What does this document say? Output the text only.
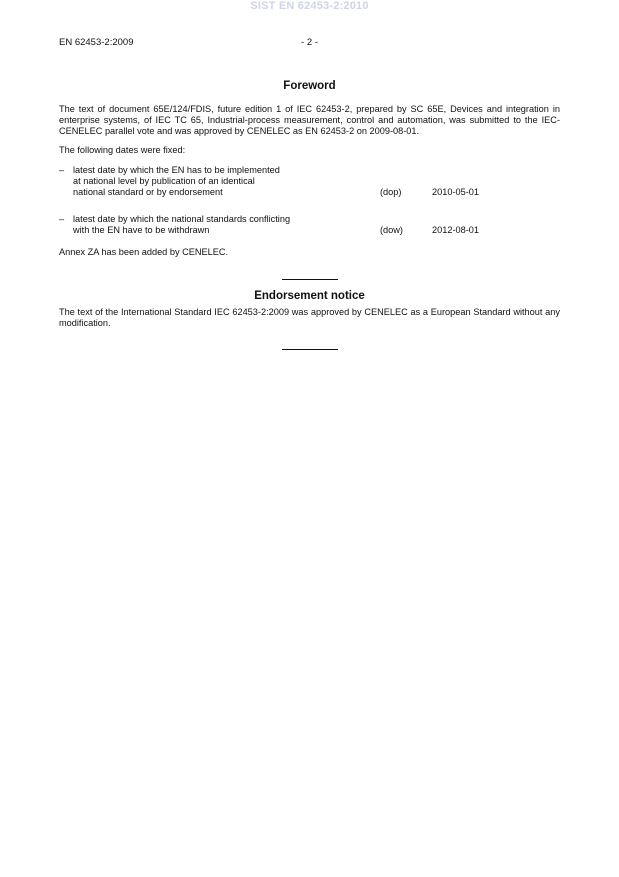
SIST EN 62453-2:2010
EN 62453-2:2009	- 2 -
Foreword

The text of document 65E/124/FDIS, future edition 1 of IEC 62453-2, prepared by SC 65E, Devices and integration in enterprise systems, of IEC TC 65, Industrial-process measurement, control and automation, was submitted to the IEC-CENELEC parallel vote and was approved by CENELEC as EN 62453-2 on 2009-08-01.

The following dates were fixed:

– latest date by which the EN has to be implemented
at national level by publication of an identical
national standard or by endorsement	(dop)	2010-05-01
– latest date by which the national standards conflicting
with the EN have to be withdrawn	(dow)	2012-08-01

Annex ZA has been added by CENELEC.

Endorsement notice

The text of the International Standard IEC 62453-2:2009 was approved by CENELEC as a European Standard without any modification.
